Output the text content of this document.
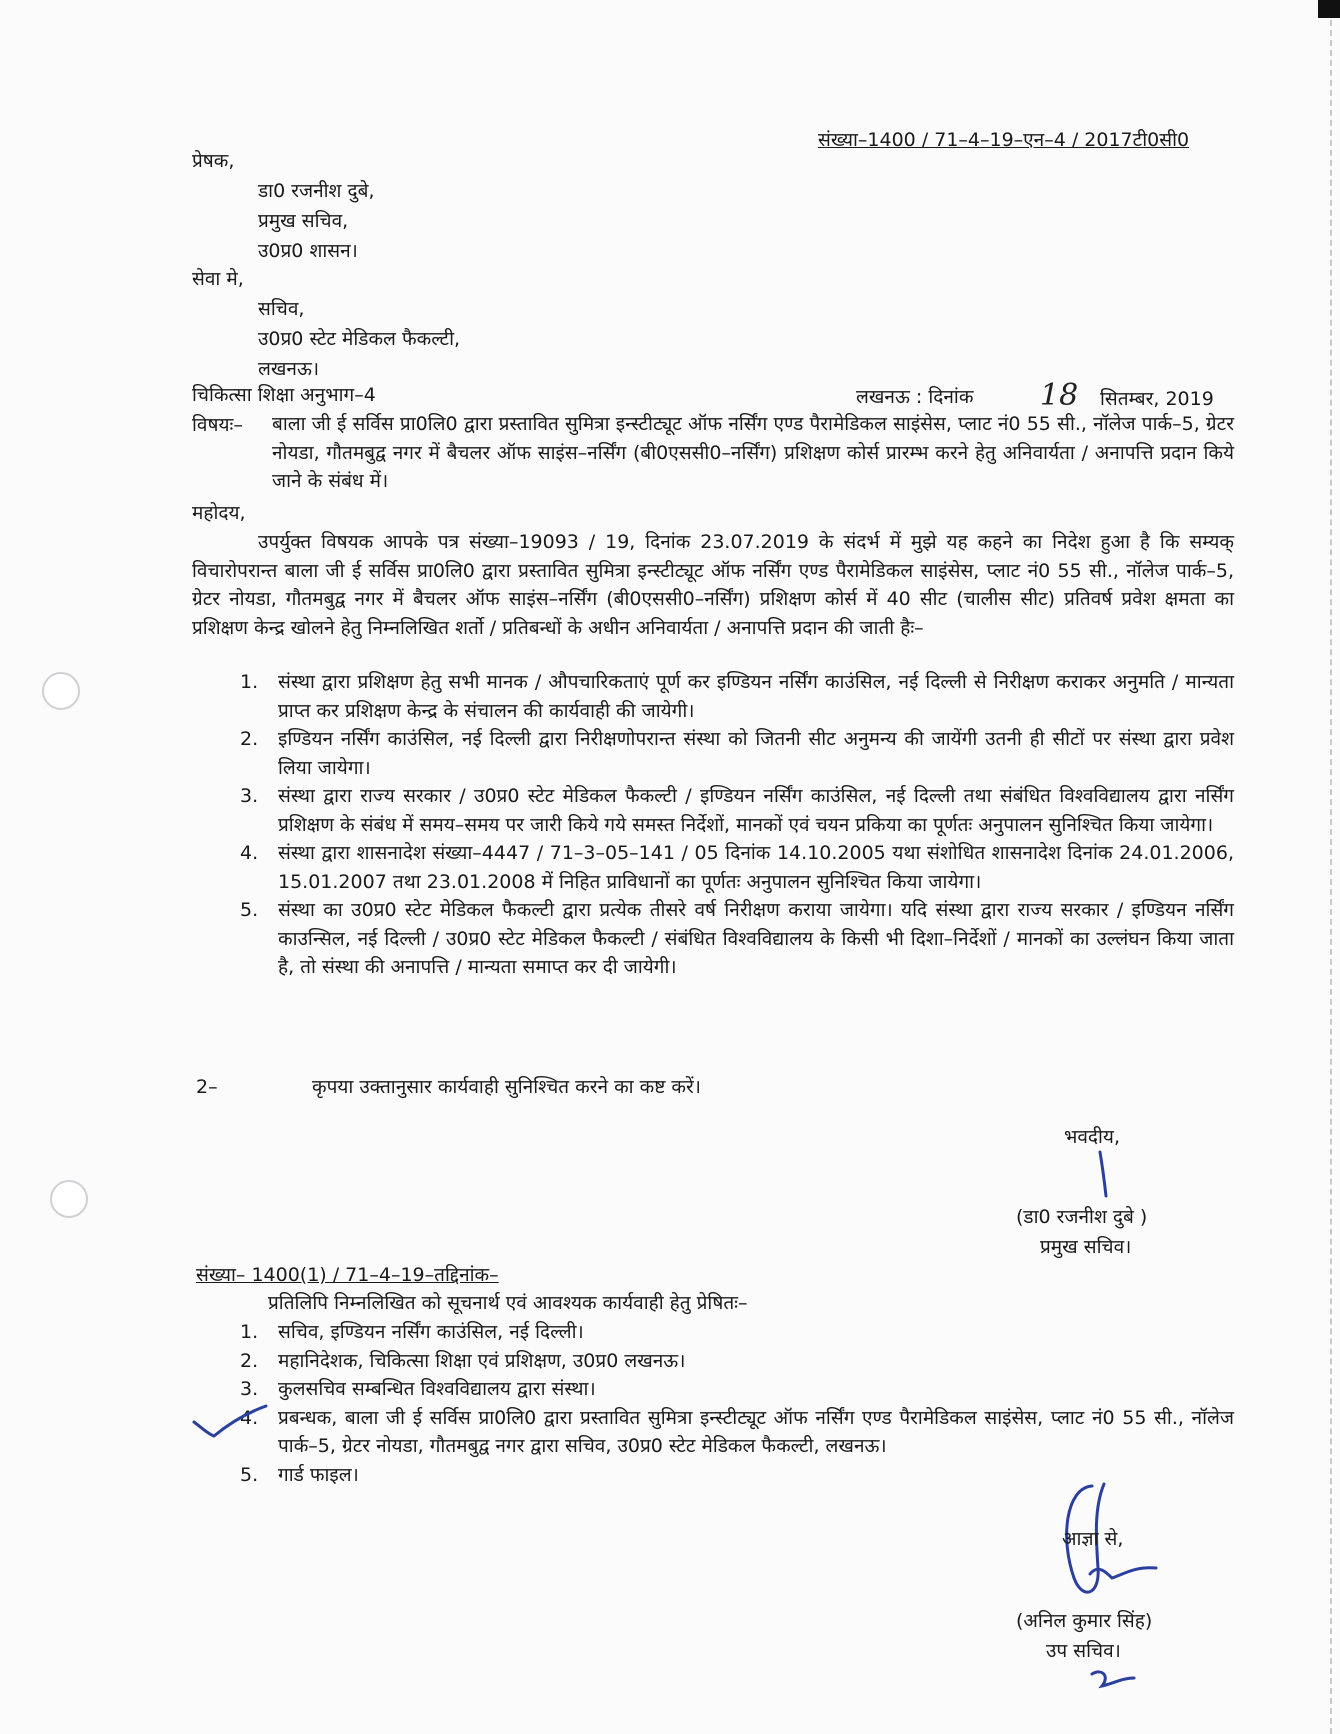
संख्या–1400 / 71–4–19–एन–4 / 2017टी0सी0
प्रेषक,
डा0 रजनीश दुबे,
प्रमुख सचिव,
उ0प्र0 शासन।
सेवा मे,
सचिव,
उ0प्र0 स्टेट मेडिकल फैकल्टी,
लखनऊ।
चिकित्सा शिक्षा अनुभाग–4	लखनऊ : दिनांक 18 सितम्बर, 2019
विषयः– बाला जी ई सर्विस प्रा0लि0 द्वारा प्रस्तावित सुमित्रा इन्स्टीट्यूट ऑफ नर्सिंग एण्ड पैरामेडिकल साइंसेस, प्लाट नं0 55 सी., नॉलेज पार्क–5, ग्रेटर नोयडा, गौतमबुद्व नगर में बैचलर ऑफ साइंस–नर्सिंग (बी0एससी0–नर्सिंग) प्रशिक्षण कोर्स प्रारम्भ करने हेतु अनिवार्यता / अनापत्ति प्रदान किये जाने के संबंध में।
महोदय,
उपर्युक्त विषयक आपके पत्र संख्या–19093 / 19, दिनांक 23.07.2019 के संदर्भ में मुझे यह कहने का निदेश हुआ है कि सम्यक् विचारोपरान्त बाला जी ई सर्विस प्रा0लि0 द्वारा प्रस्तावित सुमित्रा इन्स्टीट्यूट ऑफ नर्सिंग एण्ड पैरामेडिकल साइंसेस, प्लाट नं0 55 सी., नॉलेज पार्क–5, ग्रेटर नोयडा, गौतमबुद्व नगर में बैचलर ऑफ साइंस–नर्सिंग (बी0एससी0–नर्सिंग) प्रशिक्षण कोर्स में 40 सीट (चालीस सीट) प्रतिवर्ष प्रवेश क्षमता का प्रशिक्षण केन्द्र खोलने हेतु निम्नलिखित शर्तो / प्रतिबन्धों के अधीन अनिवार्यता / अनापत्ति प्रदान की जाती हैः–
1. संस्था द्वारा प्रशिक्षण हेतु सभी मानक / औपचारिकताएं पूर्ण कर इण्डियन नर्सिंग काउंसिल, नई दिल्ली से निरीक्षण कराकर अनुमति / मान्यता प्राप्त कर प्रशिक्षण केन्द्र के संचालन की कार्यवाही की जायेगी।
2. इण्डियन नर्सिंग काउंसिल, नई दिल्ली द्वारा निरीक्षणोपरान्त संस्था को जितनी सीट अनुमन्य की जायेंगी उतनी ही सीटों पर संस्था द्वारा प्रवेश लिया जायेगा।
3. संस्था द्वारा राज्य सरकार / उ0प्र0 स्टेट मेडिकल फैकल्टी / इण्डियन नर्सिंग काउंसिल, नई दिल्ली तथा संबंधित विश्वविद्यालय द्वारा नर्सिंग प्रशिक्षण के संबंध में समय–समय पर जारी किये गये समस्त निर्देशों, मानकों एवं चयन प्रकिया का पूर्णतः अनुपालन सुनिश्चित किया जायेगा।
4. संस्था द्वारा शासनादेश संख्या–4447 / 71–3–05–141 / 05 दिनांक 14.10.2005 यथा संशोधित शासनादेश दिनांक 24.01.2006, 15.01.2007 तथा 23.01.2008 में निहित प्राविधानों का पूर्णतः अनुपालन सुनिश्चित किया जायेगा।
5. संस्था का उ0प्र0 स्टेट मेडिकल फैकल्टी द्वारा प्रत्येक तीसरे वर्ष निरीक्षण कराया जायेगा। यदि संस्था द्वारा राज्य सरकार / इण्डियन नर्सिंग काउन्सिल, नई दिल्ली / उ0प्र0 स्टेट मेडिकल फैकल्टी / संबंधित विश्वविद्यालय के किसी भी दिशा–निर्देशों / मानकों का उल्लंघन किया जाता है, तो संस्था की अनापत्ति / मान्यता समाप्त कर दी जायेगी।
2–	कृपया उक्तानुसार कार्यवाही सुनिश्चित करने का कष्ट करें।
भवदीय,
(डा0 रजनीश दुबे )
प्रमुख सचिव।
संख्या– 1400(1) / 71–4–19–तद्दिनांक–
प्रतिलिपि निम्नलिखित को सूचनार्थ एवं आवश्यक कार्यवाही हेतु प्रेषितः–
1. सचिव, इण्डियन नर्सिंग काउंसिल, नई दिल्ली।
2. महानिदेशक, चिकित्सा शिक्षा एवं प्रशिक्षण, उ0प्र0 लखनऊ।
3. कुलसचिव सम्बन्धित विश्वविद्यालय द्वारा संस्था।
4. प्रबन्धक, बाला जी ई सर्विस प्रा0लि0 द्वारा प्रस्तावित सुमित्रा इन्स्टीट्यूट ऑफ नर्सिंग एण्ड पैरामेडिकल साइंसेस, प्लाट नं0 55 सी., नॉलेज पार्क–5, ग्रेटर नोयडा, गौतमबुद्व नगर द्वारा सचिव, उ0प्र0 स्टेट मेडिकल फैकल्टी, लखनऊ।
5. गार्ड फाइल।
आज्ञा से,
(अनिल कुमार सिंह)
उप सचिव।
